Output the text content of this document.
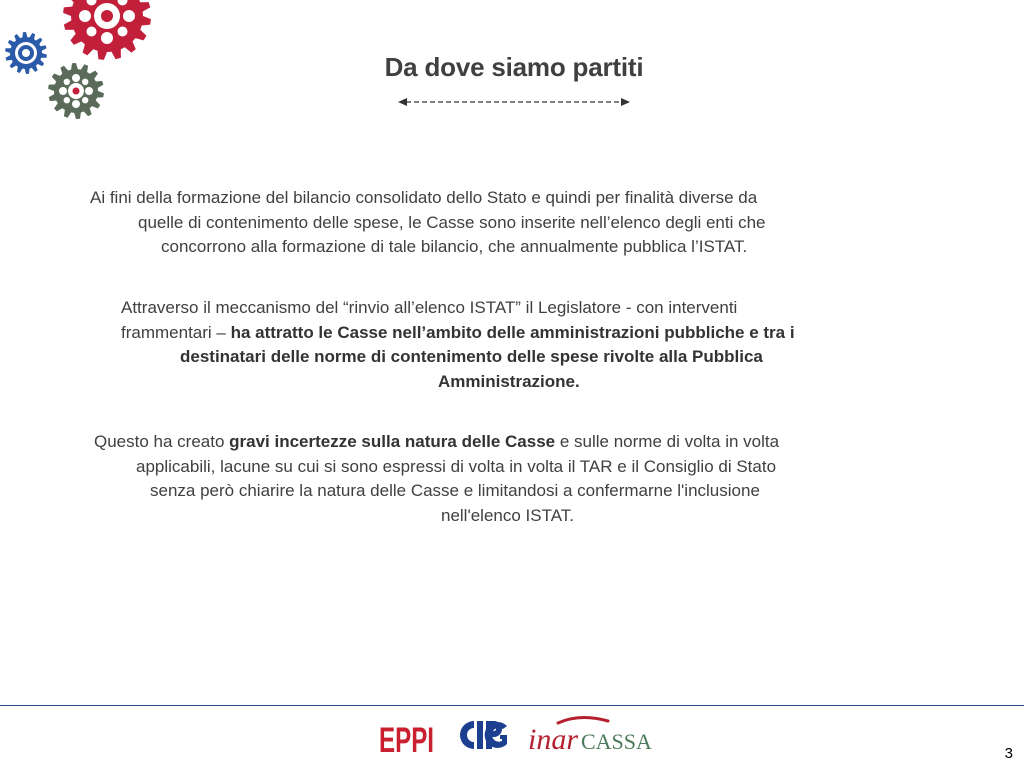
Da dove siamo partiti
Ai fini della formazione del bilancio consolidato dello Stato e quindi per finalità diverse da
quelle di contenimento delle spese, le Casse sono inserite nell’elenco degli enti che
concorrono alla formazione di tale bilancio, che annualmente pubblica l’ISTAT.
Attraverso il meccanismo del “rinvio all’elenco ISTAT” il Legislatore - con interventi
frammentari – ha attratto le Casse nell’ambito delle amministrazioni pubbliche e tra i
destinatari delle norme di contenimento delle spese rivolte alla Pubblica
Amministrazione.
Questo ha creato gravi incertezze sulla natura delle Casse e sulle norme di volta in volta
applicabili, lacune su cui si sono espressi di volta in volta il TAR e il Consiglio di Stato
senza però chiarire la natura delle Casse e limitandosi a confermarne l'inclusione
nell'elenco ISTAT.
EPPI	inar CASSA	3
